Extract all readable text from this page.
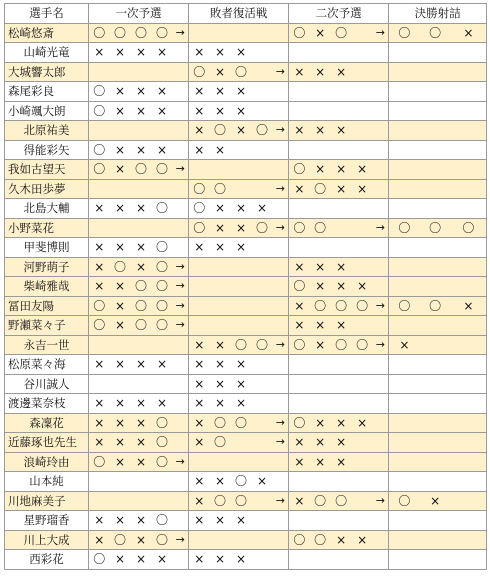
選手名	一次予選					敗者復活戦					二次予選					決勝射詰		
松崎悠斎	〇	〇	〇	〇	→						〇	×	〇		→	〇	〇	×
山崎光竜	×	×	×	×		×	×	×										
大城響太郎						〇	×	〇		→	×	×	×					
森尾彩良	〇	×	×	×		×	×	×										
小崎颯大朗	〇	×	×	×		×	×	×										
北原祐美						×	〇	×	〇	→	×	×	×					
得能彩矢	〇	×	×	×		×	×											
我如古望天	〇	×	〇	〇	→						〇	×	×	×				
久木田歩夢						〇	〇			→	×	〇	×	×				
北島大輔	×	×	×	〇		〇	×	×	×									
小野菜花						〇	×	×	〇	→	〇	〇			→	〇	〇	〇
甲斐博則	×	×	×	〇		×	×	×										
河野萌子	×	〇	×	〇	→						×	×	×					
柴崎雅哉	×	×	〇	〇	→						〇	×	×	×				
冨田友陽	〇	×	〇	〇	→						×	〇	〇	〇	→	〇	〇	×
野瀬菜々子	〇	×	〇	〇	→						×	×	×					
永吉一世						×	×	〇	〇	→	〇	×	〇	〇	→	×		
松原菜々海	×	×	×	×		×	×	×										
谷川誠人						×	×	×										
渡邊菜奈枝	×	×	×	×		×	×	×										
森凜花	×	×	×	〇		×	〇	〇		→	〇	×	×	×				
近藤琢也先生	×	×	×	〇		×	〇			→	×	×	×					
浪崎玲由	〇	×	×	〇	→						×	×	×					
山本純						×	×	〇	×									
川地麻美子						×	〇	〇		→	×	〇	〇		→	〇	×	
星野瑠香	×	×	×	〇		×	×	×										
川上大成	×	〇	×	〇	→						〇	〇	×	×				
西彩花	〇	×	×	×		×	×	×										
